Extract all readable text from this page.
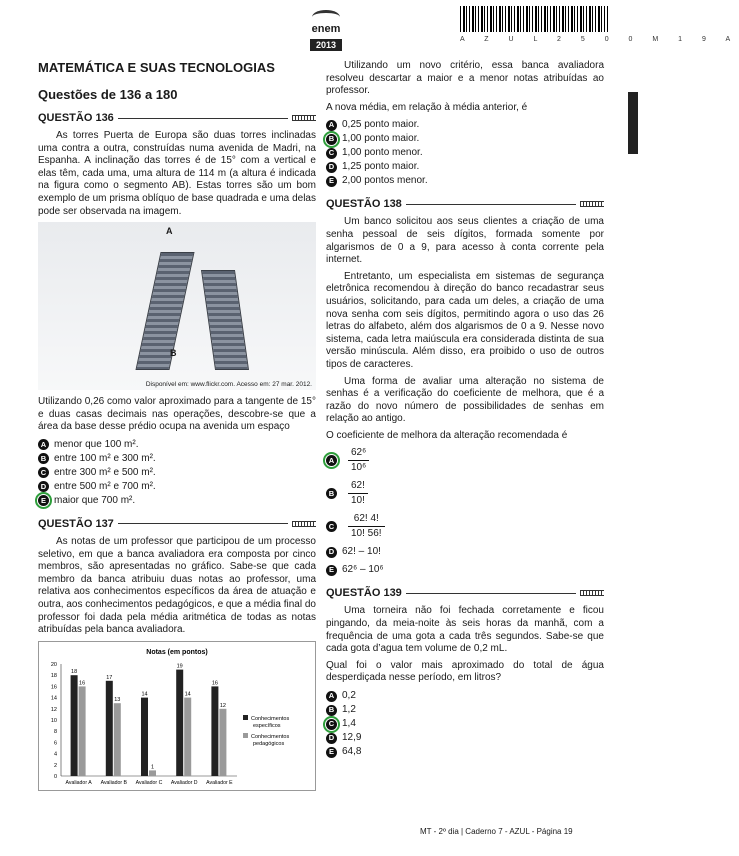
enem
2013
A Z U L 2 5 0 0 M 1 9 A
MATEMÁTICA E SUAS TECNOLOGIAS
Questões de 136 a 180
QUESTÃO 136

As torres Puerta de Europa são duas torres inclinadas uma contra a outra, construídas numa avenida de Madri, na Espanha. A inclinação das torres é de 15° com a vertical e elas têm, cada uma, uma altura de 114 m (a altura é indicada na figura como o segmento AB). Estas torres são um bom exemplo de um prisma oblíquo de base quadrada e uma delas pode ser observada na imagem.

A
B
Disponível em: www.flickr.com. Acesso em: 27 mar. 2012.

Utilizando 0,26 como valor aproximado para a tangente de 15° e duas casas decimais nas operações, descobre-se que a área da base desse prédio ocupa na avenida um espaço

A menor que 100 m².
B entre 100 m² e 300 m².
C entre 300 m² e 500 m².
D entre 500 m² e 700 m².
E maior que 700 m².
QUESTÃO 137

As notas de um professor que participou de um processo seletivo, em que a banca avaliadora era composta por cinco membros, são apresentadas no gráfico. Sabe-se que cada membro da banca atribuiu duas notas ao professor, uma relativa aos conhecimentos específicos da área de atuação e outra, aos conhecimentos pedagógicos, e que a média final do professor foi dada pela média aritmética de todas as notas atribuídas pela banca avaliadora.

Notas (em pontos)
0
2
4
6
8
10
12
14
16
18
20
18
16
Avaliador A
17
13
Avaliador B
14
1
Avaliador C
19
14
Avaliador D
16
12
Avaliador E
Conhecimentos
específicos
Conhecimentos
pedagógicos

Utilizando um novo critério, essa banca avaliadora resolveu descartar a maior e a menor notas atribuídas ao professor.

A nova média, em relação à média anterior, é

A 0,25 ponto maior.
B 1,00 ponto maior.
C 1,00 ponto menor.
D 1,25 ponto maior.
E 2,00 pontos menor.
QUESTÃO 138

Um banco solicitou aos seus clientes a criação de uma senha pessoal de seis dígitos, formada somente por algarismos de 0 a 9, para acesso à conta corrente pela internet.

Entretanto, um especialista em sistemas de segurança eletrônica recomendou à direção do banco recadastrar seus usuários, solicitando, para cada um deles, a criação de uma nova senha com seis dígitos, permitindo agora o uso das 26 letras do alfabeto, além dos algarismos de 0 a 9. Nesse novo sistema, cada letra maiúscula era considerada distinta de sua versão minúscula. Além disso, era proibido o uso de outros tipos de caracteres.

Uma forma de avaliar uma alteração no sistema de senhas é a verificação do coeficiente de melhora, que é a razão do novo número de possibilidades de senhas em relação ao antigo.

O coeficiente de melhora da alteração recomendada é

A $\frac{\text{62⁶}}{\text{10⁶}}$
B $\frac{62!}{10!}$
C $\frac{62! 4!}{10! 56!}$
D 62! – 10!
E 62⁶ – 10⁶
QUESTÃO 139

Uma torneira não foi fechada corretamente e ficou pingando, da meia-noite às seis horas da manhã, com a frequência de uma gota a cada três segundos. Sabe-se que cada gota d’agua tem volume de 0,2 mL.

Qual foi o valor mais aproximado do total de água desperdiçada nesse período, em litros?

A 0,2
B 1,2
C 1,4
D 12,9
E 64,8
MT - 2º dia | Caderno 7 - AZUL - Página 19
